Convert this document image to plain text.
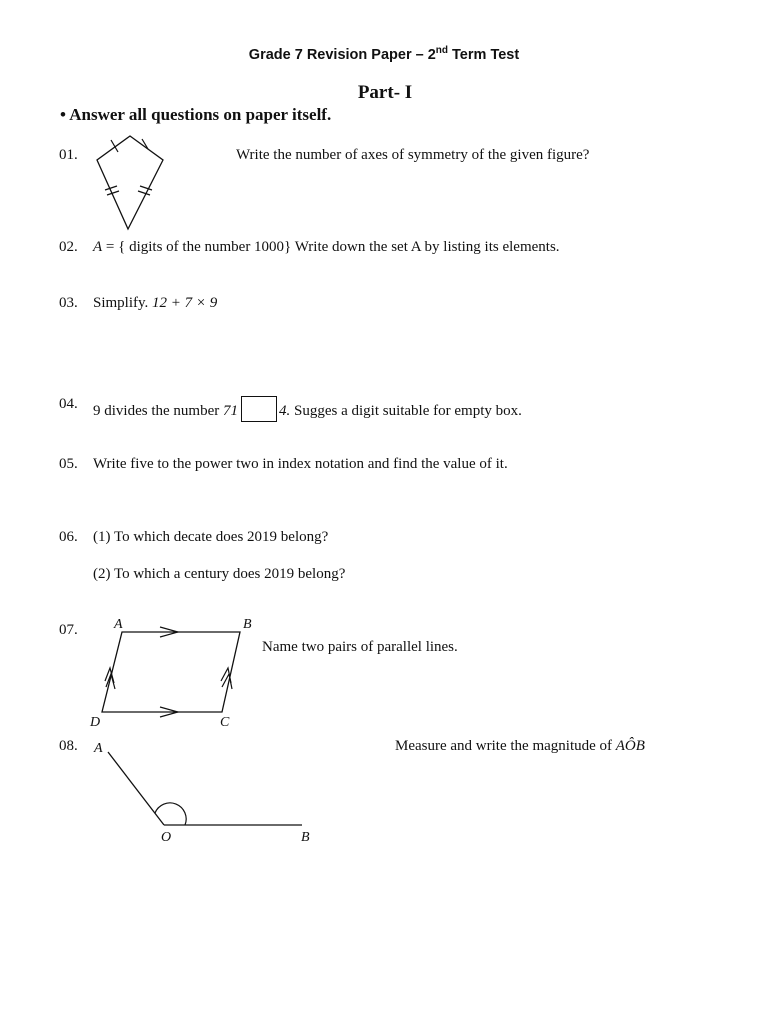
Grade 7 Revision Paper – 2nd Term Test
Part- I
• Answer all questions on paper itself.
01.	Write the number of axes of symmetry of the given figure?
02. A = { digits of the number 1000} Write down the set A by listing its elements.
03. Simplify. 12 + 7 × 9
04. 9 divides the number 71	4. Sugges a digit suitable for empty box.
05. Write five to the power two in index notation and find the value of it.
06. (1) To which decate does 2019 belong?
(2) To which a century does 2019 belong?
07.
Name two pairs of parallel lines.
A	B
C
D
08.	Measure and write the magnitude of AÔB
A
O	B
